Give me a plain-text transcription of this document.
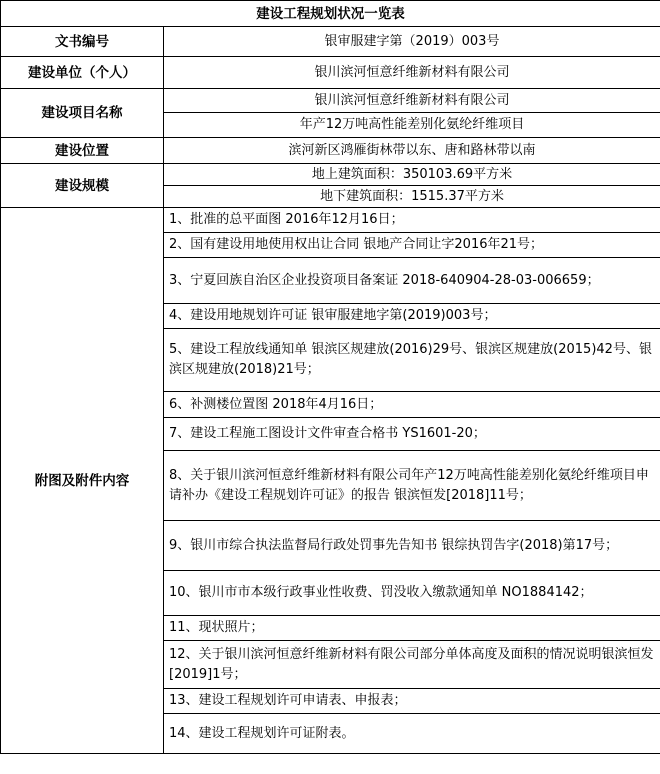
建设工程规划状况一览表	
文书编号	银审服建字第（2019）003号
建设单位（个人）	银川滨河恒意纤维新材料有限公司
建设项目名称	银川滨河恒意纤维新材料有限公司
	年产12万吨高性能差别化氨纶纤维项目
建设位置	滨河新区鸿雁街林带以东、唐和路林带以南
建设规模	地上建筑面积：350103.69平方米
	地下建筑面积：1515.37平方米
附图及附件内容	1、批准的总平面图 2016年12月16日；
	2、国有建设用地使用权出让合同 银地产合同让字2016年21号；
	3、宁夏回族自治区企业投资项目备案证 2018-640904-28-03-006659；
	4、建设用地规划许可证 银审服建地字第(2019)003号；
	5、建设工程放线通知单 银滨区规建放(2016)29号、银滨区规建放(2015)42号、银滨区规建放(2018)21号；
	6、补测楼位置图 2018年4月16日；
	7、建设工程施工图设计文件审查合格书 YS1601-20；
	8、关于银川滨河恒意纤维新材料有限公司年产12万吨高性能差别化氨纶纤维项目申请补办《建设工程规划许可证》的报告 银滨恒发[2018]11号；
	9、银川市综合执法监督局行政处罚事先告知书 银综执罚告字(2018)第17号；
	10、银川市市本级行政事业性收费、罚没收入缴款通知单 NO1884142；
	11、现状照片；
	12、关于银川滨河恒意纤维新材料有限公司部分单体高度及面积的情况说明银滨恒发[2019]1号；
	13、建设工程规划许可申请表、申报表；
	14、建设工程规划许可证附表。
